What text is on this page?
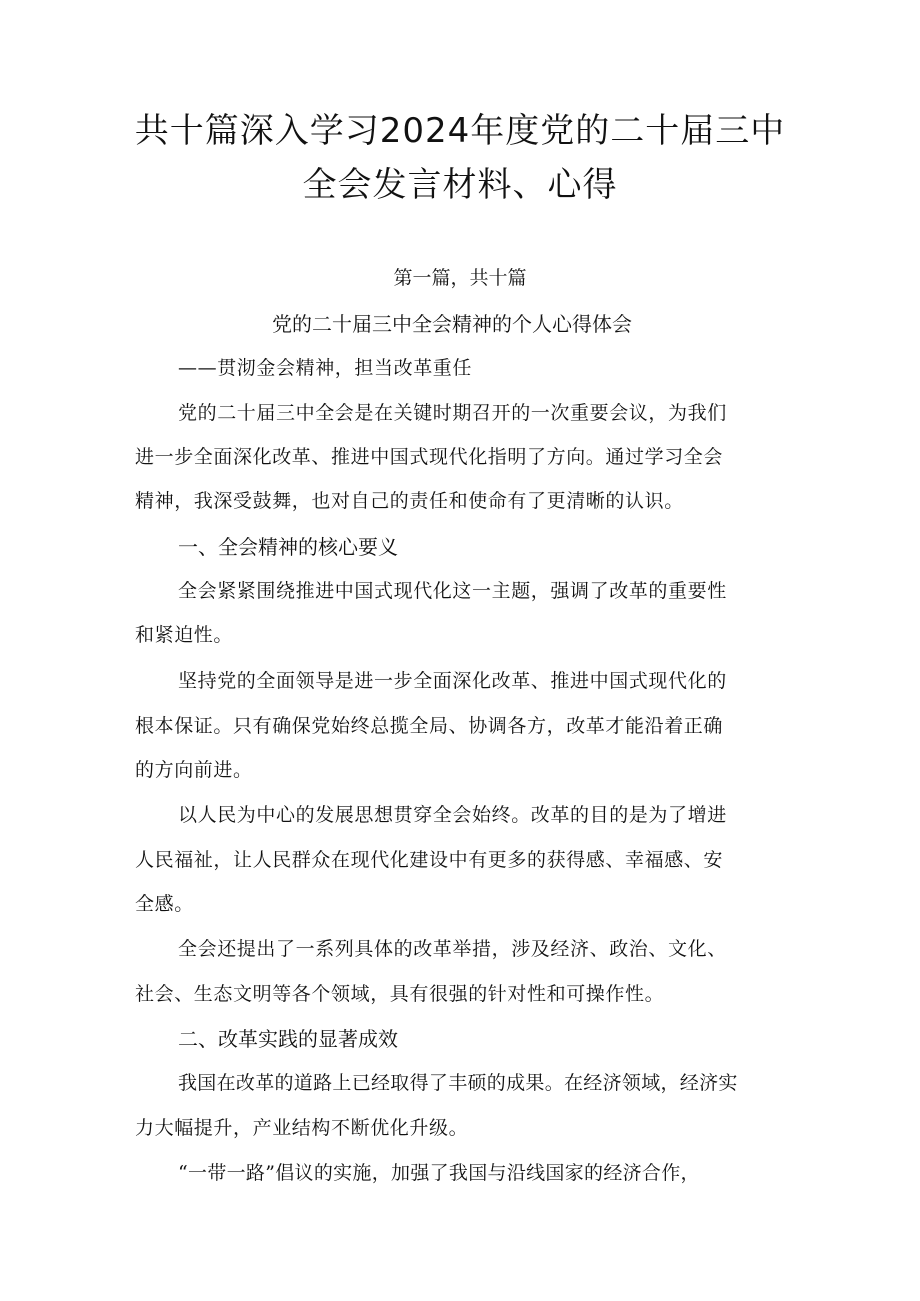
共十篇深入学习2024年度党的二十届三中
全会发言材料、心得
第一篇，共十篇
党的二十届三中全会精神的个人心得体会
——贯沏金会精神，担当改革重任
党的二十届三中全会是在关键时期召开的一次重要会议，为我们
进一步全面深化改革、推进中国式现代化指明了方向。通过学习全会
精神，我深受鼓舞，也对自己的责任和使命有了更清晰的认识。
一、全会精神的核心要义
全会紧紧围绕推进中国式现代化这一主题，强调了改革的重要性
和紧迫性。
坚持党的全面领导是进一步全面深化改革、推进中国式现代化的
根本保证。只有确保党始终总揽全局、协调各方，改革才能沿着正确
的方向前进。
以人民为中心的发展思想贯穿全会始终。改革的目的是为了增进
人民福祉，让人民群众在现代化建设中有更多的获得感、幸福感、安
全感。
全会还提出了一系列具体的改革举措，涉及经济、政治、文化、
社会、生态文明等各个领域，具有很强的针对性和可操作性。
二、改革实践的显著成效
我国在改革的道路上已经取得了丰硕的成果。在经济领域，经济实
力大幅提升，产业结构不断优化升级。
“一带一路”倡议的实施，加强了我国与沿线国家的经济合作，
